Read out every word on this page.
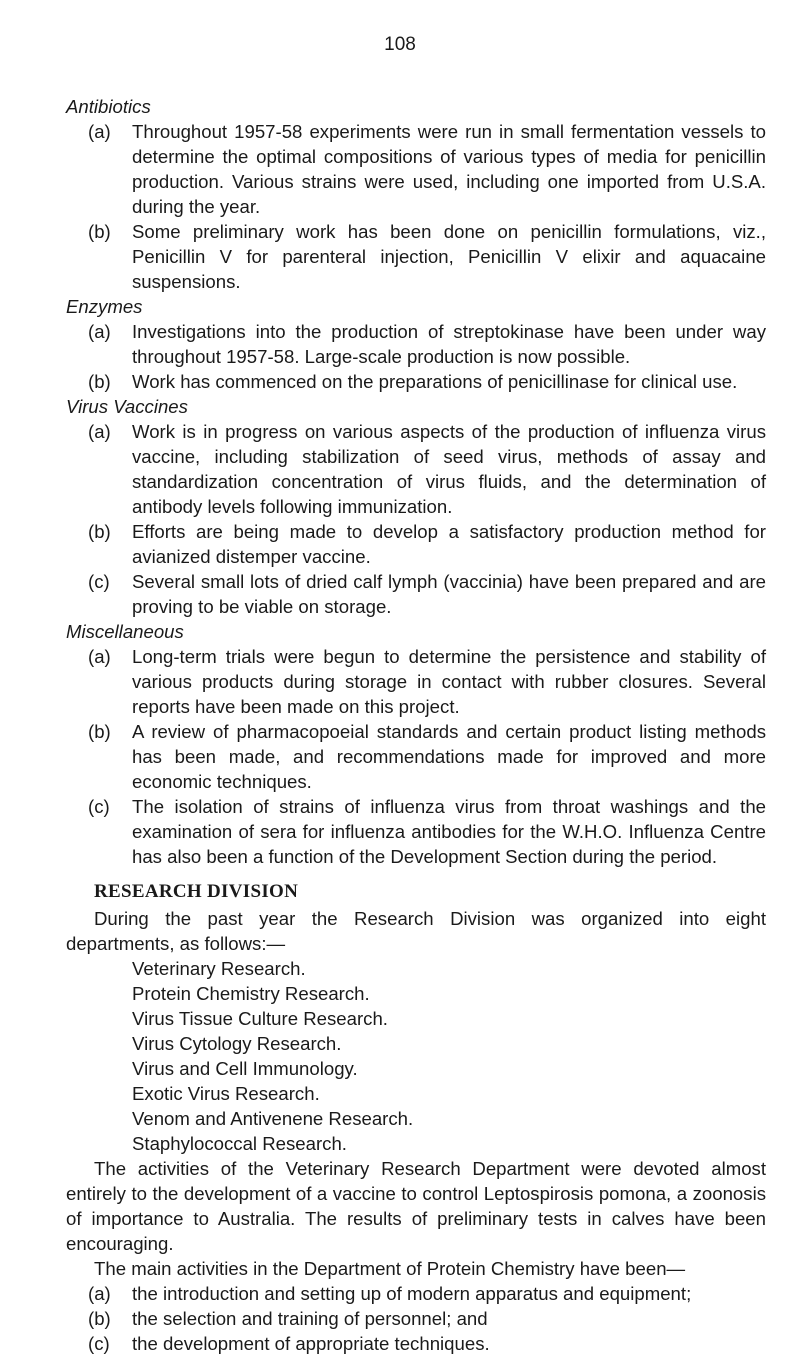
108

Antibiotics

(a)	Throughout 1957-58 experiments were run in small fermentation vessels to determine the optimal compositions of various types of media for penicillin production. Various strains were used, including one imported from U.S.A. during the year.
(b)	Some preliminary work has been done on penicillin formulations, viz., Penicillin V for parenteral injection, Penicillin V elixir and aquacaine suspensions.

Enzymes

(a)	Investigations into the production of streptokinase have been under way throughout 1957-58. Large-scale production is now possible.
(b)	Work has commenced on the preparations of penicillinase for clinical use.

Virus Vaccines

(a)	Work is in progress on various aspects of the production of influenza virus vaccine, including stabilization of seed virus, methods of assay and standardization concentration of virus fluids, and the determination of antibody levels following immunization.
(b)	Efforts are being made to develop a satisfactory production method for avianized distemper vaccine.
(c)	Several small lots of dried calf lymph (vaccinia) have been prepared and are proving to be viable on storage.

Miscellaneous

(a)	Long-term trials were begun to determine the persistence and stability of various products during storage in contact with rubber closures. Several reports have been made on this project.
(b)	A review of pharmacopoeial standards and certain product listing methods has been made, and recommendations made for improved and more economic techniques.
(c)	The isolation of strains of influenza virus from throat washings and the examination of sera for influenza antibodies for the W.H.O. Influenza Centre has also been a function of the Development Section during the period.

RESEARCH DIVISION

During the past year the Research Division was organized into eight departments, as follows:—

Veterinary Research.

Protein Chemistry Research.

Virus Tissue Culture Research.

Virus Cytology Research.

Virus and Cell Immunology.

Exotic Virus Research.

Venom and Antivenene Research.

Staphylococcal Research.

The activities of the Veterinary Research Department were devoted almost entirely to the development of a vaccine to control Leptospirosis pomona, a zoonosis of importance to Australia. The results of preliminary tests in calves have been encouraging.

The main activities in the Department of Protein Chemistry have been—

(a)	the introduction and setting up of modern apparatus and equipment;
(b)	the selection and training of personnel; and
(c)	the development of appropriate techniques.
